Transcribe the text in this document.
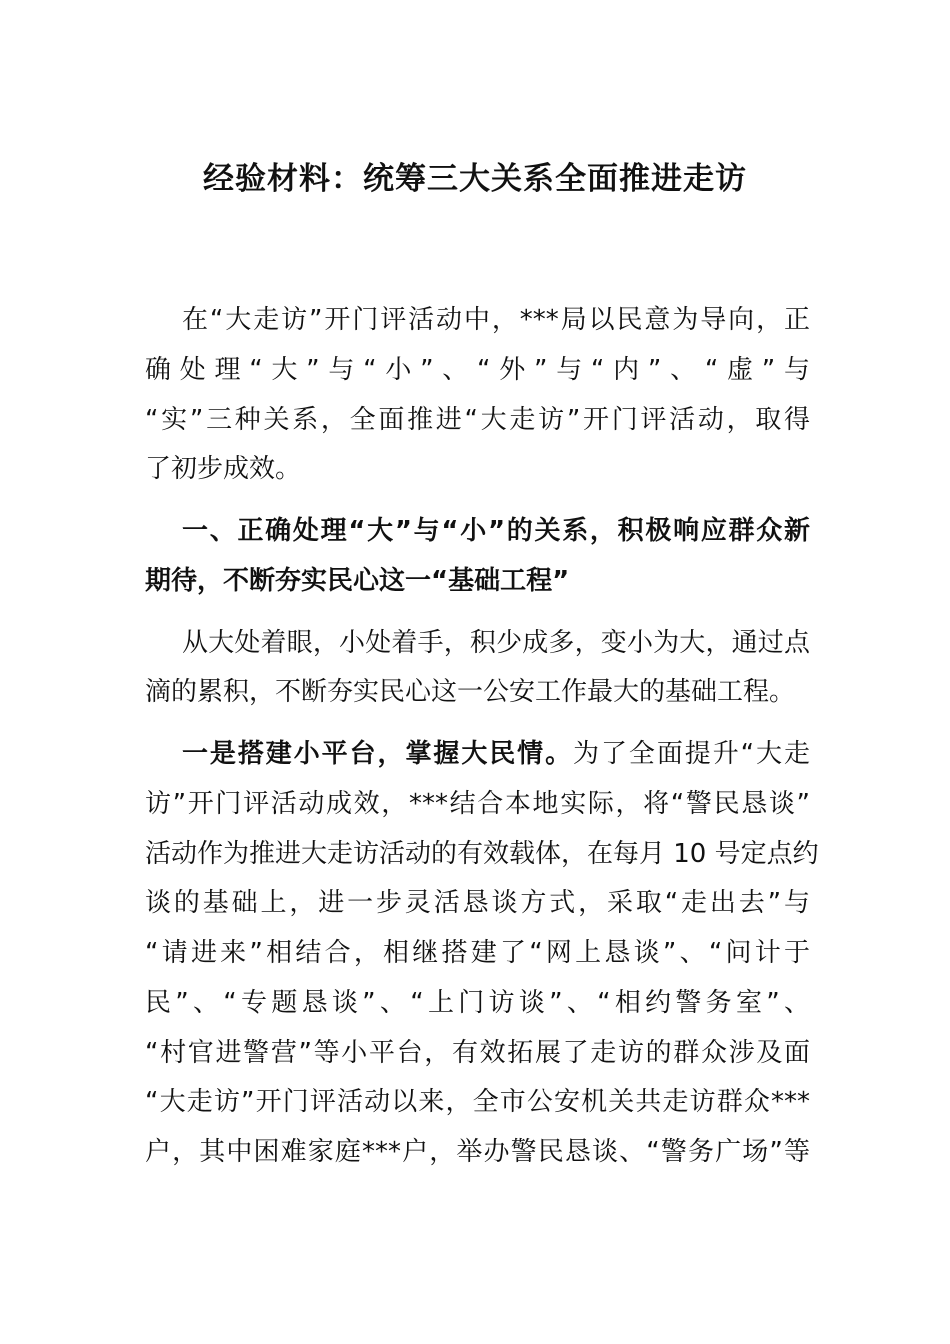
经验材料：统筹三大关系全面推进走访

在“大走访”开门评活动中，***局以民意为导向，正

确处理“大”与“小”、“外”与“内”、“虚”与

“实”三种关系，全面推进“大走访”开门评活动，取得

了初步成效。

一、正确处理“大”与“小”的关系，积极响应群众新

期待，不断夯实民心这一“基础工程”

从大处着眼，小处着手，积少成多，变小为大，通过点

滴的累积，不断夯实民心这一公安工作最大的基础工程。

一是搭建小平台，掌握大民情。为了全面提升“大走

访”开门评活动成效，***结合本地实际，将“警民恳谈”

活动作为推进大走访活动的有效载体，在每月 10 号定点约

谈的基础上，进一步灵活恳谈方式，采取“走出去”与

“请进来”相结合，相继搭建了“网上恳谈”、“问计于

民”、“专题恳谈”、“上门访谈”、“相约警务室”、

“村官进警营”等小平台，有效拓展了走访的群众涉及面

“大走访”开门评活动以来，全市公安机关共走访群众***

户，其中困难家庭***户，举办警民恳谈、“警务广场”等
